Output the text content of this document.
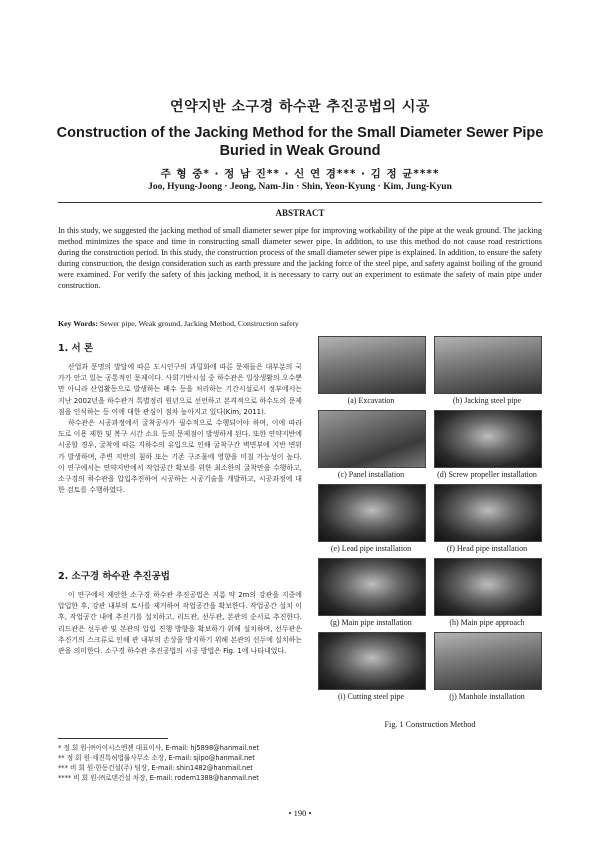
연약지반 소구경 하수관 추진공법의 시공
Construction of the Jacking Method for the Small Diameter Sewer Pipe Buried in Weak Ground
주 형 중* · 정 남 진** · 신 연 경*** · 김 정 균****
Joo, Hyung-Joong · Jeong, Nam-Jin · Shin, Yeon-Kyung · Kim, Jung-Kyun
ABSTRACT
In this study, we suggested the jacking method of small diameter sewer pipe for improving workability of the pipe at the weak ground. The jacking method minimizes the space and time in constructing small diameter sewer pipe. In addition, to use this method do not cause road restrictions during the construction period. In this study, the construction process of the small diameter sewer pipe is explained. In addition, to ensure the safety during construction, the design consideration such as earth pressure and the jacking force of the steel pipe, and safety against boiling of the ground were examined. For verify the safety of this jacking method, it is necessary to carry out an experiment to estimate the safety of main pipe under construction.
Key Words: Sewer pipe, Weak ground, Jacking Method, Construction safety
1. 서 론

산업과 문명의 발달에 따른 도시인구의 과밀화에 따른 문제들은 대부분의 국가가 안고 있는 공통적인 문제이다. 사회기반시설 중 하수관은 일상생활의 오수뿐만 아니라 산업활동으로 발생하는 폐수 등을 처리하는 기간시설로서 정부에서는 지난 2002년을 하수관거 특별정리 원년으로 선언하고 본격적으로 하수도의 문제점을 인식하는 등 이에 대한 관심이 점차 높아지고 있다(Kim, 2011).

하수관은 시공과정에서 굴착공사가 필수적으로 수행되어야 하며, 이에 따라 도로 이용 제한 및 복구 시간 소요 등의 문제점이 발생하게 된다. 또한 연약지반에 시공할 경우, 굴착에 따른 지하수의 유입으로 인해 굴착구간 벽면부에 지반 변위가 발생하며, 주변 지반의 침하 또는 기존 구조물에 영향을 미칠 가능성이 높다. 이 연구에서는 연약지반에서 작업공간 확보를 위한 최소한의 굴착만을 수행하고, 소구경의 하수관을 압입추진하여 시공하는 시공기술을 개발하고, 시공과정에 대한 검토를 수행하였다.

2. 소구경 하수관 추진공법

이 연구에서 제안한 소구경 하수관 추진공법은 지름 약 2m의 강관을 지중에 압입한 후, 강관 내부의 토사를 제거하여 작업공간을 확보한다. 작업공간 설치 이후, 작업공간 내에 추진기를 설치하고, 리드관, 선두관, 본관의 순서로 추진한다. 리드관은 선두관 및 본관의 압입 진행 방향을 확보하기 위해 설치하며, 선두관은 추진기의 스크류로 인해 관 내부의 손상을 방지하기 위해 본관의 선두에 설치하는 관을 의미한다. 소구경 하수관 추진공법의 시공 방법은 Fig. 1에 나타내었다.

(a) Excavation	(b) Jacking steel pipe
(c) Panel installation	(d) Screw propeller installation
(e) Lead pipe installation	(f) Head pipe installation
(g) Main pipe installation	(h) Main pipe approach
(i) Cutting steel pipe	(j) Manhole installation
Fig. 1 Construction Method
* 정 회 원·㈜아이시스엔젠 대표이사, E-mail: hj5898@hanmail.net
** 정 회 원·세진특허법률사무소 소장, E-mail: sjipo@hanmail.net
*** 비 회 원·한동건설(주) 팀장, E-mail: shin1482@hanmail.net
**** 비 회 원·㈜로덴건설 차장, E-mail: rodem1388@hanmail.net
• 190 •
